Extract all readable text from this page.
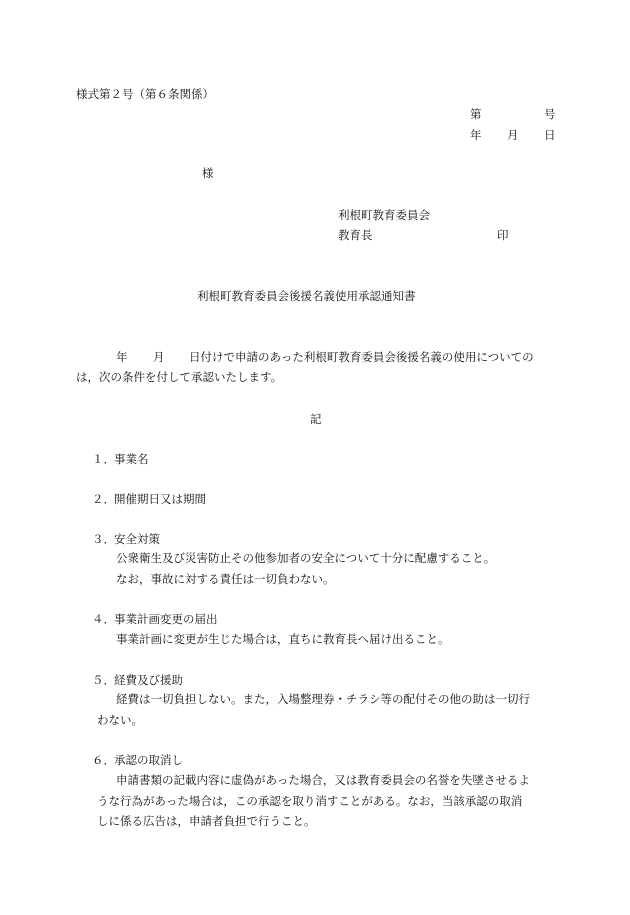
様式第２号（第６条関係）
第	号
年 月 日
様
利根町教育委員会
教育長	印
利根町教育委員会後援名義使用承認通知書
年 月 日付けで申請のあった利根町教育委員会後援名義の使用についての
は，次の条件を付して承認いたします。
記
１． 事業名
２． 開催期日又は期間
３． 安全対策
公衆衛生及び災害防止その他参加者の安全について十分に配慮すること。
なお，事故に対する責任は一切負わない。
４． 事業計画変更の届出
事業計画に変更が生じた場合は，直ちに教育長へ届け出ること。
５． 経費及び援助
経費は一切負担しない。また，入場整理券・チラシ等の配付その他の助は一切行
わない。
６． 承認の取消し
申請書類の記載内容に虚偽があった場合，又は教育委員会の名誉を失墜させるよ
うな行為があった場合は，この承認を取り消すことがある。なお，当該承認の取消
しに係る広告は，申請者負担で行うこと。
